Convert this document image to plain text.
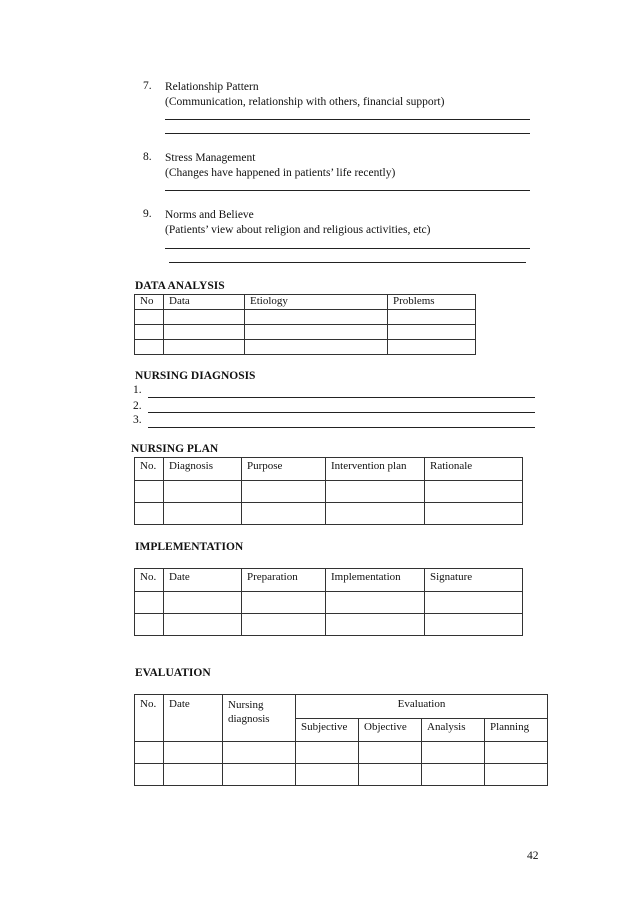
7. Relationship Pattern
(Communication, relationship with others, financial support)
8. Stress Management
(Changes have happened in patients’ life recently)
9. Norms and Believe
(Patients’ view about religion and religious activities, etc)
DATA ANALYSIS
No	Data	Etiology	Problems

NURSING DIAGNOSIS
1.
2.
3.
NURSING PLAN
No.	Diagnosis	Purpose	Intervention plan	Rationale

IMPLEMENTATION
No.	Date	Preparation	Implementation	Signature

EVALUATION
No.	Date	Nursing diagnosis	Evaluation			
			Subjective	Objective	Analysis	Planning

42
